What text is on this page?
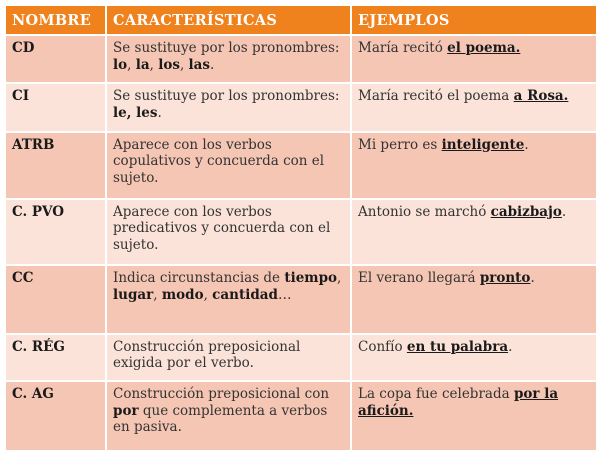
NOMBRE	CARACTERÍSTICAS	EJEMPLOS
CD	Se sustituye por los pronombres: lo, la, los, las.	María recitó el poema.
CI	Se sustituye por los pronombres: le, les.	María recitó el poema a Rosa.
ATRB	Aparece con los verbos copulativos y concuerda con el sujeto.	Mi perro es inteligente.
C. PVO	Aparece con los verbos predicativos y concuerda con el sujeto.	Antonio se marchó cabizbajo.
CC	Indica circunstancias de tiempo, lugar, modo, cantidad…	El verano llegará pronto.
C. RÉG	Construcción preposicional exigida por el verbo.	Confío en tu palabra.
C. AG	Construcción preposicional con por que complementa a verbos en pasiva.	La copa fue celebrada por la afición.
